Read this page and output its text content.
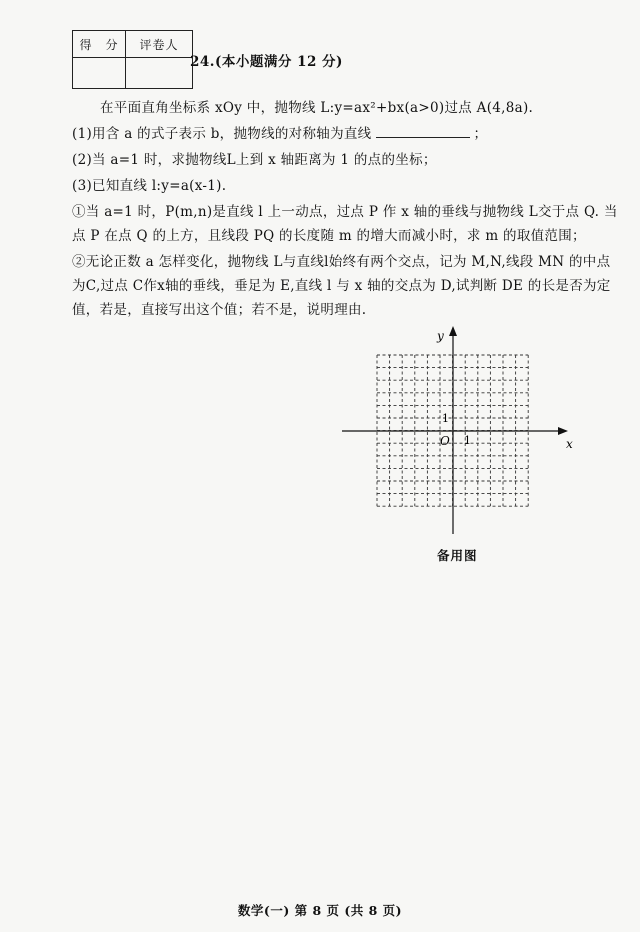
得　分	评卷人

24.(本小题满分 12 分)
在平面直角坐标系 xOy 中，抛物线 L:y=ax²+bx(a>0)过点 A(4,8a).
(1)用含 a 的式子表示 b，抛物线的对称轴为直线	；
(2)当 a=1 时，求抛物线L上到 x 轴距离为 1 的点的坐标；
(3)已知直线 l:y=a(x-1).
①当 a=1 时，P(m,n)是直线 l 上一动点，过点 P 作 x 轴的垂线与抛物线 L交于点 Q. 当
点 P 在点 Q 的上方，且线段 PQ 的长度随 m 的增大而减小时，求 m 的取值范围；
②无论正数 a 怎样变化，抛物线 L与直线l始终有两个交点，记为 M,N,线段 MN 的中点
为C,过点 C作x轴的垂线，垂足为 E,直线 l 与 x 轴的交点为 D,试判断 DE 的长是否为定
值，若是，直接写出这个值；若不是，说明理由.
x
y
O 1
1
备用图
数学(一) 第 8 页 (共 8 页)
